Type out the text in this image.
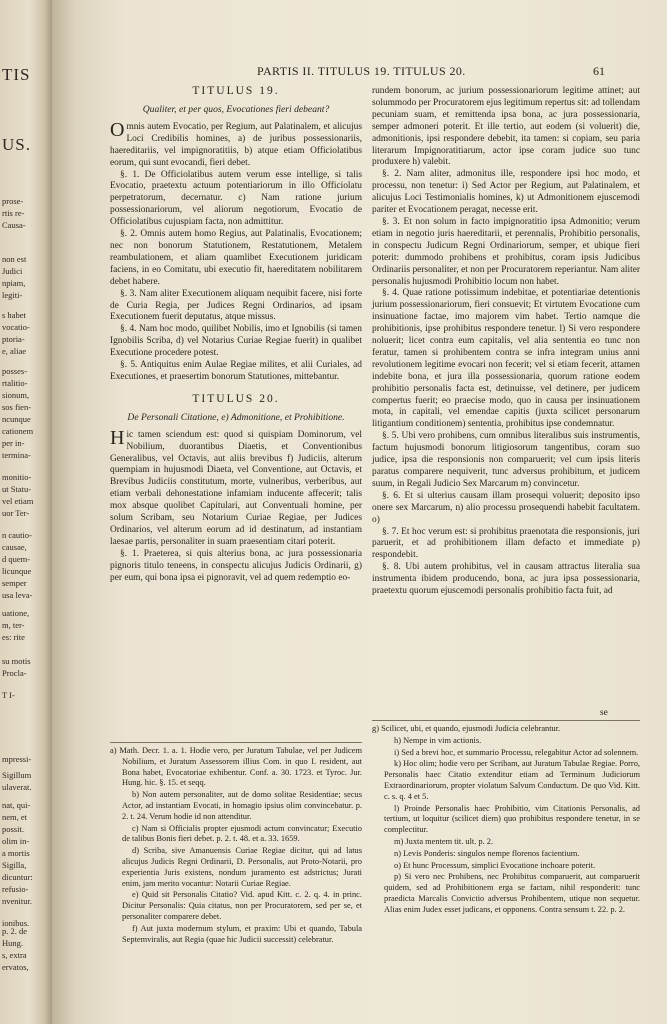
TIS
US.
prose-
rtis re-
Causa-
non est
Judici
npiam,
legiti-
s habet
vocatio-
ptoria-
e, aliae
posses-
rtalitio-
sionum,
sos fien-
ncunque
cationem
per in-
termina-
monitio-
ut Statu-
vel etiam
uor Ter-
n cautio-
causae,
d quem-
licunque
semper
usa leva-
uatione,
m, ter-
es: rite
su motis
Procla-
T I-
mpressi-
Sigillum
ulaverat.
nat, qui-
nem, et
possit.
olim in-
a mortis
Sigilla,
dicuntur:
refusio-
nvenitur.
ionibus.
p. 2. de
Hung.
s, extra
ervatos,
PARTIS II. TITULUS 19. TITULUS 20.	61
TITULUS 19.
Qualiter, et per quos, Evocationes fieri debeant?

Omnis autem Evocatio, per Regium, aut Palatinalem, et alicujus Loci Credibilis homines, a) de juribus possessionariis, haereditariis, vel impignoratitiis, b) atque etiam Officiolatibus eorum, qui sunt evocandi, fieri debet.

§. 1. De Officiolatibus autem verum esse intellige, si talis Evocatio, praetextu actuum potentiariorum in illo Officiolatu perpetratorum, decernatur. c) Nam ratione jurium possessionariorum, vel aliorum negotiorum, Evocatio de Officiolatibus cujuspiam facta, non admittitur.

§. 2. Omnis autem homo Regius, aut Palatinalis, Evocationem; nec non bonorum Statutionem, Restatutionem, Metalem reambulationem, et aliam quamlibet Executionem juridicam faciens, in eo Comitatu, ubi executio fit, haereditatem nobilitarem debet habere.

§. 3. Nam aliter Executionem aliquam nequibit facere, nisi forte de Curia Regia, per Judices Regni Ordinarios, ad ipsam Executionem fuerit deputatus, atque missus.

§. 4. Nam hoc modo, quilibet Nobilis, imo et Ignobilis (si tamen Ignobilis Scriba, d) vel Notarius Curiae Regiae fuerit) in qualibet Executione procedere potest.

§. 5. Antiquitus enim Aulae Regiae milites, et alii Curiales, ad Executiones, et praesertim bonorum Statutiones, mittebantur.

TITULUS 20.
De Personali Citatione, e) Admonitione, et Prohibitione.

Hic tamen sciendum est: quod si quispiam Dominorum, vel Nobilium, duorantibus Diaetis, et Conventionibus Generalibus, vel Octavis, aut aliis brevibus f) Judiciis, alterum quempiam in hujusmodi Diaeta, vel Conventione, aut Octavis, et Brevibus Judiciis constitutum, morte, vulneribus, verberibus, aut etiam verbali dehonestatione infamiam inducente affecerit; talis mox absque quolibet Capitulari, aut Conventuali homine, per solum Scribam, seu Notarium Curiae Regiae, per Judices Ordinarios, vel alterum eorum ad id destinatum, ad instantiam laesae partis, personaliter in suam praesentiam citari poterit.

§. 1. Praeterea, si quis alterius bona, ac jura possessionaria pignoris titulo teneens, in conspectu alicujus Judicis Ordinarii, g) per eum, qui bona ipsa ei pignoravit, vel ad quem redemptio eo-

rundem bonorum, ac jurium possessionariorum legitime attinet; aut solummodo per Procuratorem ejus legitimum repertus sit: ad tollendam pecuniam suam, et remittenda ipsa bona, ac jura possessionaria, semper admoneri poterit. Et ille tertio, aut eodem (si voluerit) die, admonitionis, ipsi respondere debebit, ita tamen: si copiam, seu paria literarum Impignoratitiarum, actor ipse coram judice suo tunc produxere h) valebit.

§. 2. Nam aliter, admonitus ille, respondere ipsi hoc modo, et processu, non tenetur: i) Sed Actor per Regium, aut Palatinalem, et alicujus Loci Testimonialis homines, k) ut Admonitionem ejuscemodi pariter et Evocationem peragat, necesse erit.

§. 3. Et non solum in facto impignoratitio ipsa Admonitio; verum etiam in negotio juris haereditarii, et perennalis, Prohibitio personalis, in conspectu Judicum Regni Ordinariorum, semper, et ubique fieri poterit: dummodo prohibens et prohibitus, coram ipsis Judicibus Ordinariis personaliter, et non per Procuratorem reperiantur. Nam aliter personalis hujusmodi Prohibitio locum non habet.

§. 4. Quae ratione potissimum indebitae, et potentiariae detentionis jurium possessionariorum, fieri consuevit; Et virtutem Evocatione cum insinuatione factae, imo majorem vim habet. Tertio namque die prohibitionis, ipse prohibitus respondere tenetur. l) Si vero respondere noluerit; licet contra eum capitalis, vel alia sententia eo tunc non feratur, tamen si prohibentem contra se infra integram unius anni revolutionem legitime evocari non fecerit; vel si etiam fecerit, attamen indebite bona, et jura illa possessionaria, quorum ratione eodem prohibitio personalis facta est, detinuisse, vel detinere, per judicem compertus fuerit; eo praecise modo, quo in causa per insinuationem mota, in capitali, vel emendae capitis (juxta scilicet personarum litigantium conditionem) sententia, prohibitus ipse condemnatur.

§. 5. Ubi vero prohibens, cum omnibus literalibus suis instrumentis, factum hujusmodi bonorum litigiosorum tangentibus, coram suo judice, ipsa die responsionis non comparuerit; vel cum ipsis literis paratus comparere nequiverit, tunc adversus prohibitum, et judicem suum, in Regali Judicio Sex Marcarum m) convincetur.

§. 6. Et si ulterius causam illam prosequi voluerit; deposito ipso onere sex Marcarum, n) alio processu prosequendi habebit facultatem. o)

§. 7. Et hoc verum est: si prohibitus praenotata die responsionis, juri paruerit, et ad prohibitionem illam defacto et immediate p) respondebit.

§. 8. Ubi autem prohibitus, vel in causam attractus literalia sua instrumenta ibidem producendo, bona, ac jura ipsa possessionaria, praetextu quorum ejuscemodi personalis prohibitio facta fuit, ad

se

a) Math. Decr. 1. a. 1. Hodie vero, per Juratum Tabulae, vel per Judicem Nobilium, et Juratum Assessorem illius Com. in quo I. resident, aut Bona habet, Evocatoriae exhibentur. Conf. a. 30. 1723. et Tyroc. Jur. Hung. hic. §. 15. et seqq.

b) Non autem personaliter, aut de domo solitae Residentiae; secus Actor, ad instantiam Evocati, in homagio ipsius olim convincebatur. p. 2. t. 24. Verum hodie id non attenditur.

c) Nam si Officialis propter ejusmodi actum convincatur; Executio de talibus Bonis fieri debet. p. 2. t. 48. et a. 33. 1659.

d) Scriba, sive Amanuensis Curiae Regiae dicitur, qui ad latus alicujus Judicis Regni Ordinarii, D. Personalis, aut Proto-Notarii, pro experientia Juris existens, nondum juramento est adstrictus; Jurati enim, jam merito vocantur: Notarii Curiae Regiae.

e) Quid sit Personalis Citatio? Vid. apud Kitt. c. 2. q. 4. in princ. Dicitur Personalis: Quia citatus, non per Procuratorem, sed per se, et personaliter comparere debet.

f) Aut juxta modernum stylum, et praxim: Ubi et quando, Tabula Septemviralis, aut Regia (quae hic Judicii successit) celebratur.

g) Scilicet, ubi, et quando, ejusmodi Judicia celebrantur.

h) Nempe in vim actionis.

i) Sed a brevi hoc, et summario Processu, relegabitur Actor ad solennem.

k) Hoc olim; hodie vero per Scribam, aut Juratum Tabulae Regiae. Porro, Personalis haec Citatio extenditur etiam ad Terminum Judiciorum Extraordinariorum, propter violatum Salvum Conductum. De quo Vid. Kitt. c. s. q. 4 et 5.

l) Proinde Personalis haec Prohibitio, vim Citationis Personalis, ad tertium, ut loquitur (scilicet diem) quo prohibitus respondere tenetur, in se complectitur.

m) Juxta mentem tit. ult. p. 2.

n) Levis Ponderis: singulos nempe florenos facientium.

o) Et hunc Processum, simplici Evocatione inchoare poterit.

p) Si vero nec Prohibens, nec Prohibitus comparuerit, aut comparuerit quidem, sed ad Prohibitionem erga se factam, nihil responderit: tunc praedicta Marcalis Convictio adversus Prohibentem, utique non sequetur. Alias enim Judex esset judicans, et opponens. Contra sensum t. 22. p. 2.
